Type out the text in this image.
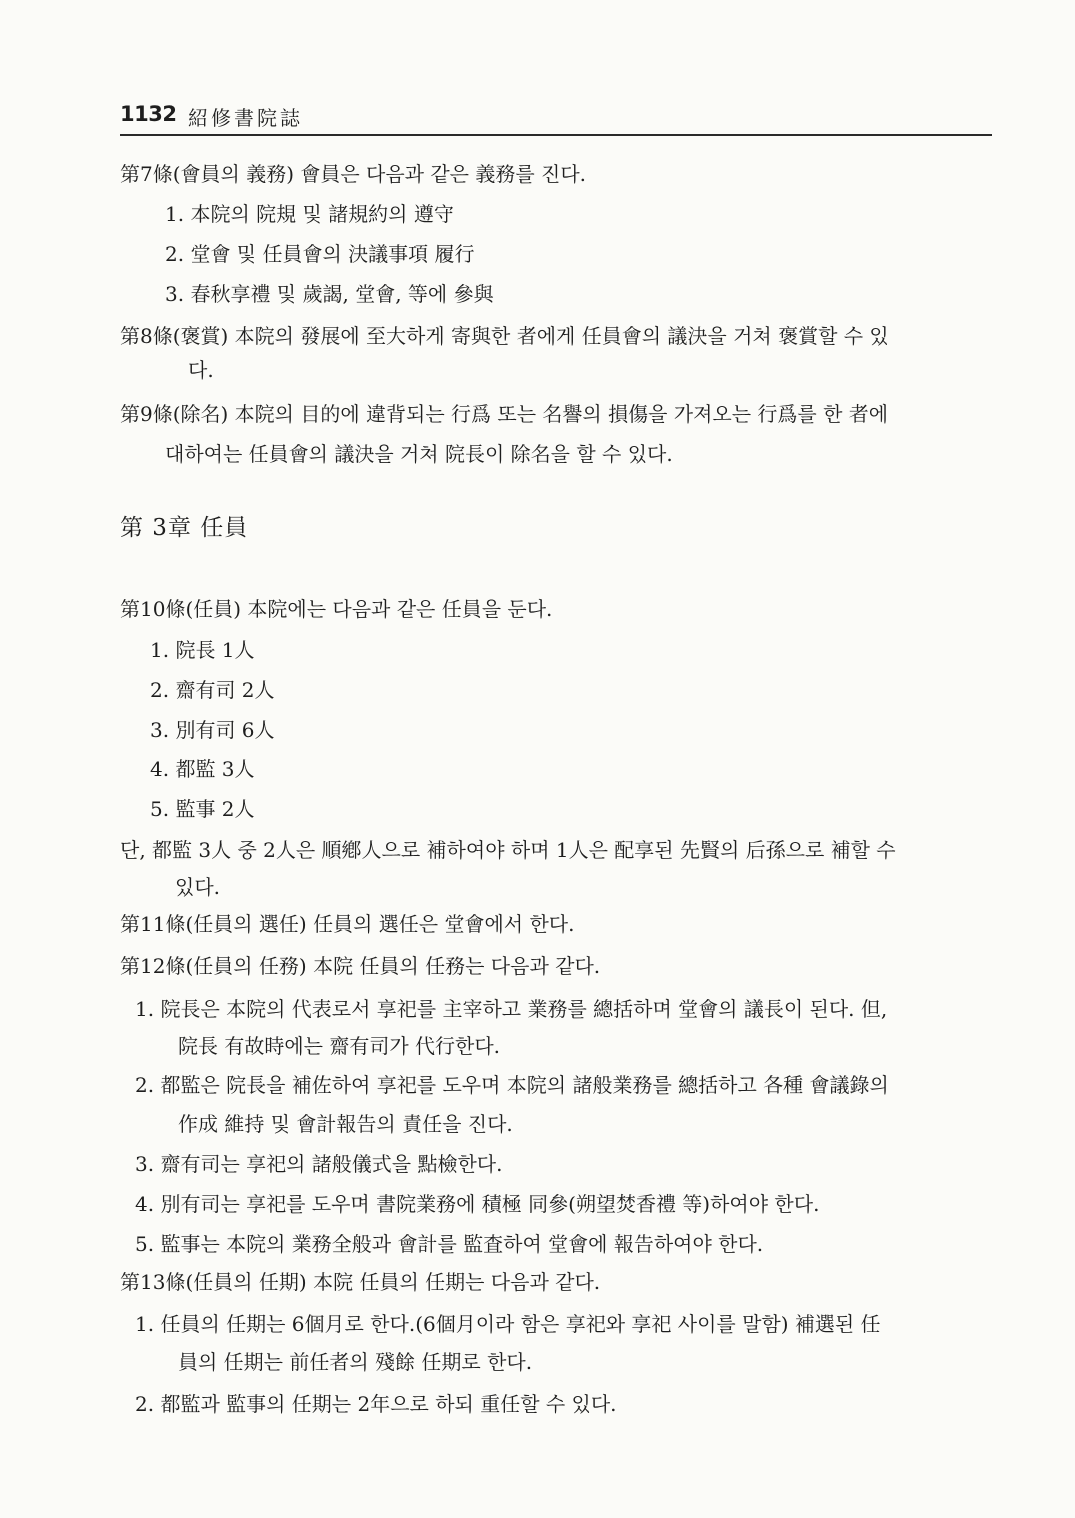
1132 紹修書院誌
第7條(會員의 義務) 會員은 다음과 같은 義務를 진다.
1. 本院의 院規 및 諸規約의 遵守
2. 堂會 및 任員會의 決議事項 履行
3. 春秋享禮 및 歲謁, 堂會, 等에 參與
第8條(褒賞) 本院의 發展에 至大하게 寄與한 者에게 任員會의 議決을 거쳐 褒賞할 수 있
다.
第9條(除名) 本院의 目的에 違背되는 行爲 또는 名譽의 損傷을 가져오는 行爲를 한 者에
대하여는 任員會의 議決을 거쳐 院長이 除名을 할 수 있다.
第 3章 任員
第10條(任員) 本院에는 다음과 같은 任員을 둔다.
1. 院長 1人
2. 齋有司 2人
3. 別有司 6人
4. 都監 3人
5. 監事 2人
단, 都監 3人 중 2人은 順鄕人으로 補하여야 하며 1人은 配享된 先賢의 后孫으로 補할 수
있다.
第11條(任員의 選任) 任員의 選任은 堂會에서 한다.
第12條(任員의 任務) 本院 任員의 任務는 다음과 같다.
1. 院長은 本院의 代表로서 享祀를 主宰하고 業務를 總括하며 堂會의 議長이 된다. 但,
院長 有故時에는 齋有司가 代行한다.
2. 都監은 院長을 補佐하여 享祀를 도우며 本院의 諸般業務를 總括하고 各種 會議錄의
作成 維持 및 會計報告의 責任을 진다.
3. 齋有司는 享祀의 諸般儀式을 點檢한다.
4. 別有司는 享祀를 도우며 書院業務에 積極 同參(朔望焚香禮 等)하여야 한다.
5. 監事는 本院의 業務全般과 會計를 監査하여 堂會에 報告하여야 한다.
第13條(任員의 任期) 本院 任員의 任期는 다음과 같다.
1. 任員의 任期는 6個月로 한다.(6個月이라 함은 享祀와 享祀 사이를 말함) 補選된 任
員의 任期는 前任者의 殘餘 任期로 한다.
2. 都監과 監事의 任期는 2年으로 하되 重任할 수 있다.
